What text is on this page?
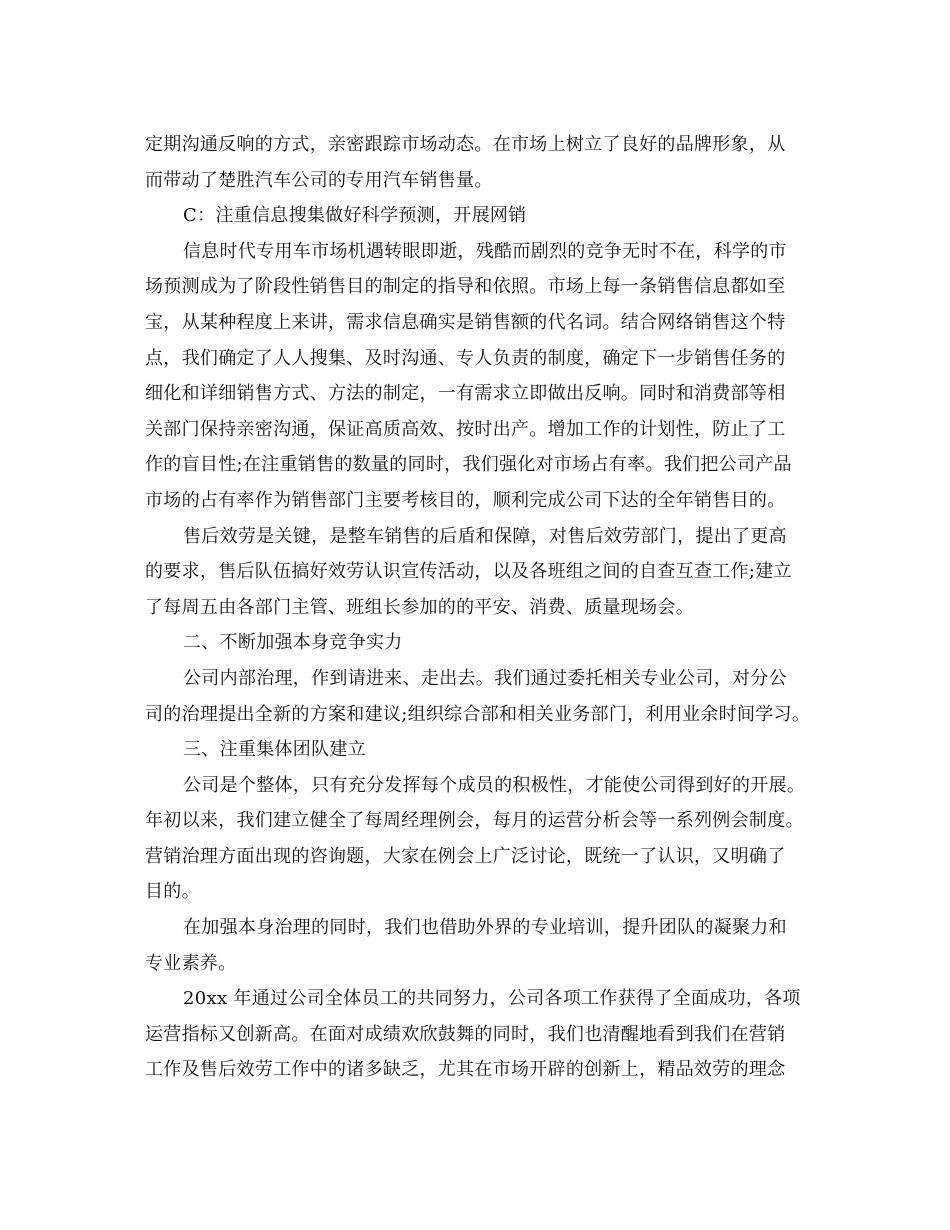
定期沟通反响的方式，亲密跟踪市场动态。在市场上树立了良好的品牌形象，从
而带动了楚胜汽车公司的专用汽车销售量。
C：注重信息搜集做好科学预测，开展网销
信息时代专用车市场机遇转眼即逝，残酷而剧烈的竞争无时不在，科学的市
场预测成为了阶段性销售目的制定的指导和依照。市场上每一条销售信息都如至
宝，从某种程度上来讲，需求信息确实是销售额的代名词。结合网络销售这个特
点，我们确定了人人搜集、及时沟通、专人负责的制度，确定下一步销售任务的
细化和详细销售方式、方法的制定，一有需求立即做出反响。同时和消费部等相
关部门保持亲密沟通，保证高质高效、按时出产。增加工作的计划性，防止了工
作的盲目性;在注重销售的数量的同时，我们强化对市场占有率。我们把公司产品
市场的占有率作为销售部门主要考核目的，顺利完成公司下达的全年销售目的。
售后效劳是关键，是整车销售的后盾和保障，对售后效劳部门，提出了更高
的要求，售后队伍搞好效劳认识宣传活动，以及各班组之间的自查互查工作;建立
了每周五由各部门主管、班组长参加的的平安、消费、质量现场会。
二、不断加强本身竞争实力
公司内部治理，作到请进来、走出去。我们通过委托相关专业公司，对分公
司的治理提出全新的方案和建议;组织综合部和相关业务部门，利用业余时间学习。
三、注重集体团队建立
公司是个整体，只有充分发挥每个成员的积极性，才能使公司得到好的开展。
年初以来，我们建立健全了每周经理例会，每月的运营分析会等一系列例会制度。
营销治理方面出现的咨询题，大家在例会上广泛讨论，既统一了认识，又明确了
目的。
在加强本身治理的同时，我们也借助外界的专业培训，提升团队的凝聚力和
专业素养。
20xx 年通过公司全体员工的共同努力，公司各项工作获得了全面成功，各项
运营指标又创新高。在面对成绩欢欣鼓舞的同时，我们也清醒地看到我们在营销
工作及售后效劳工作中的诸多缺乏，尤其在市场开辟的创新上，精品效劳的理念
